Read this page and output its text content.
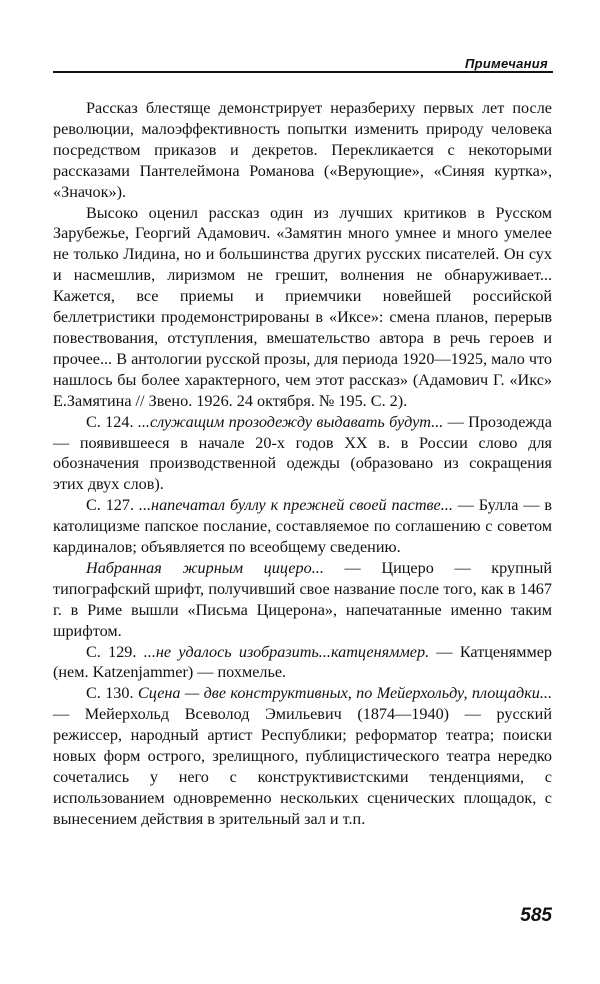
Примечания

Рассказ блестяще демонстрирует неразбериху первых лет после революции, малоэффективность попытки изменить природу человека посредством приказов и декретов. Перекликается с некоторыми рассказами Пантелеймона Романова («Верующие», «Синяя куртка», «Значок»).

Высоко оценил рассказ один из лучших критиков в Русском Зарубежье, Георгий Адамович. «Замятин много умнее и много умелее не только Лидина, но и большинства других русских писателей. Он сух и насмешлив, лиризмом не грешит, волнения не обнаруживает... Кажется, все приемы и приемчики новейшей российской беллетристики продемонстрированы в «Иксе»: смена планов, перерыв повествования, отступления, вмешательство автора в речь героев и прочее... В антологии русской прозы, для периода 1920—1925, мало что нашлось бы более характерного, чем этот рассказ» (Адамович Г. «Икс» Е.Замятина // Звено. 1926. 24 октября. № 195. С. 2).

С. 124. ...служащим прозодежду выдавать будут... — Прозодежда — появившееся в начале 20-х годов XX в. в России слово для обозначения производственной одежды (образовано из сокращения этих двух слов).

С. 127. ...напечатал буллу к прежней своей пастве... — Булла — в католицизме папское послание, составляемое по соглашению с советом кардиналов; объявляется по всеобщему сведению.

Набранная жирным цицеро... — Цицеро — крупный типографский шрифт, получивший свое название после того, как в 1467 г. в Риме вышли «Письма Цицерона», напечатанные именно таким шрифтом.

С. 129. ...не удалось изобразить...катценяммер. — Катценяммер (нем. Katzenjammer) — похмелье.

С. 130. Сцена — две конструктивных, по Мейерхольду, площадки... — Мейерхольд Всеволод Эмильевич (1874—1940) — русский режиссер, народный артист Республики; реформатор театра; поиски новых форм острого, зрелищного, публицистического театра нередко сочетались у него с конструктивистскими тенденциями, с использованием одновременно нескольких сценических площадок, с вынесением действия в зрительный зал и т.п.

585
